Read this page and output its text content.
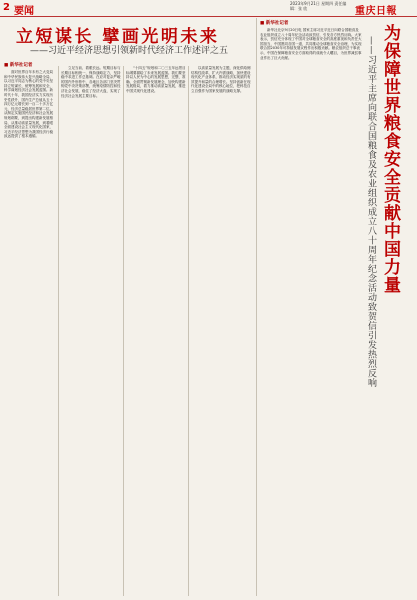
2 要闻
2023年9月21日 星期四 责任编辑：张 欣	重庆日報
立短谋长 擘画光明未来
——习近平经济思想引领新时代经济工作述评之五
■ 新华社记者

面对世界百年未有之大变局和中华民族伟大复兴战略全局，以习近平同志为核心的党中央坚持立短谋长，统筹发展和安全，科学谋划经济社会发展蓝图。新时代十年，我国经济实力实现历史性跃升，国内生产总值从五十四万亿元增长到一百二十多万亿元，经济总量稳居世界第二位。从制定实施国民经济和社会发展规划纲要，到提出构建新发展格局，从推动高质量发展，到着眼全面建设社会主义现代化国家，习近平经济思想为我国经济行稳致远提供了根本遵循。

立足当前、着眼长远。短期目标与长期目标相统一，保持战略定力，坚持稳中求进工作总基调。在应对复杂严峻的国内外形势中，各地区各部门坚决贯彻党中央决策部署，统筹疫情防控和经济社会发展，稳住了经济大盘，实现了经济社会发展主要目标。

“十四五”规划和二〇三五年远景目标纲要描绘了未来发展蓝图。我们要坚持以人民为中心的发展思想，完整、准确、全面贯彻新发展理念，加快构建新发展格局，着力推动高质量发展，推进中国式现代化建设。

以高质量发展为主题，深化供给侧结构性改革，扩大内需战略，加快建设现代化产业体系，推动经济实现质的有效提升和量的合理增长。坚持创新在现代化建设全局中的核心地位，把科技自立自强作为国家发展的战略支撑。

■ 新华社记者

新华社北京9月20日电 国家主席习近平近日向联合国粮食及农业组织成立八十周年纪念活动致贺信，引发各方热烈反响。大家表示，贺信充分体现了中国对全球粮食安全的高度重视和负责任大国担当，中国愿同各国一道，共同推动全球粮食安全治理，为实现联合国2030年可持续发展议程作出积极贡献。粮农组织总干事表示，中国在保障粮食安全方面取得的成就令人瞩目，为世界减贫事业作出了巨大贡献。	——习近平主席向联合国粮食及农业组织成立八十周年纪念活动致贺信引发热烈反响 为保障世界粮食安全贡献中国力量
